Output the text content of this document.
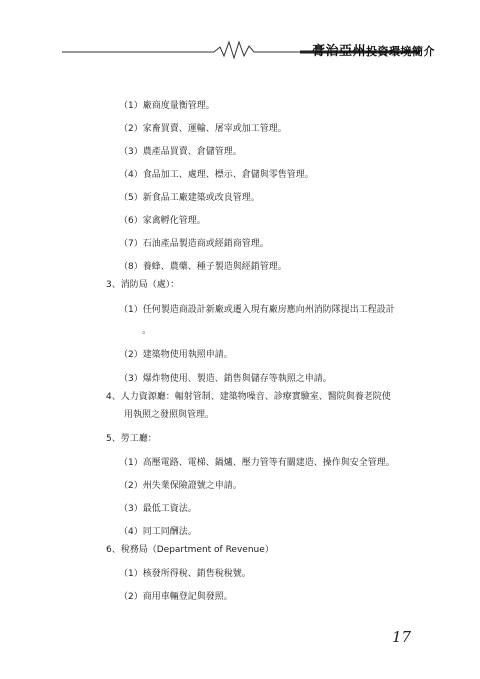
膏治亞州投資環境簡介
（1）廠商度量衡管理。
（2）家畜買賣、運輸、屠宰或加工管理。
（3）農產品買賣、倉儲管理。
（4）食品加工、處理、標示、倉儲與零售管理。
（5）新食品工廠建築或改良管理。
（6）家禽孵化管理。
（7）石油產品製造商或經銷商管理。
（8）養蜂、農藥、種子製造與經銷管理。
3、消防局（處）：
（1）任何製造商設計新廠或遷入現有廠房應向州消防隊提出工程設計
。
（2）建築物使用執照申請。
（3）爆炸物使用、製造、銷售與儲存等執照之申請。
4、人力資源廳：輻射管制、建築物噪音、診療實驗室、醫院與養老院使
用執照之發照與管理。
5、勞工廳：
（1）高壓電路、電梯、鍋爐、壓力管等有關建造、操作與安全管理。
（2）州失業保險證號之申請。
（3）最低工資法。
（4）同工同酬法。
6、稅務局（Department of Revenue）
（1）核發所得稅、銷售稅稅號。
（2）商用車輛登記與發照。
17
